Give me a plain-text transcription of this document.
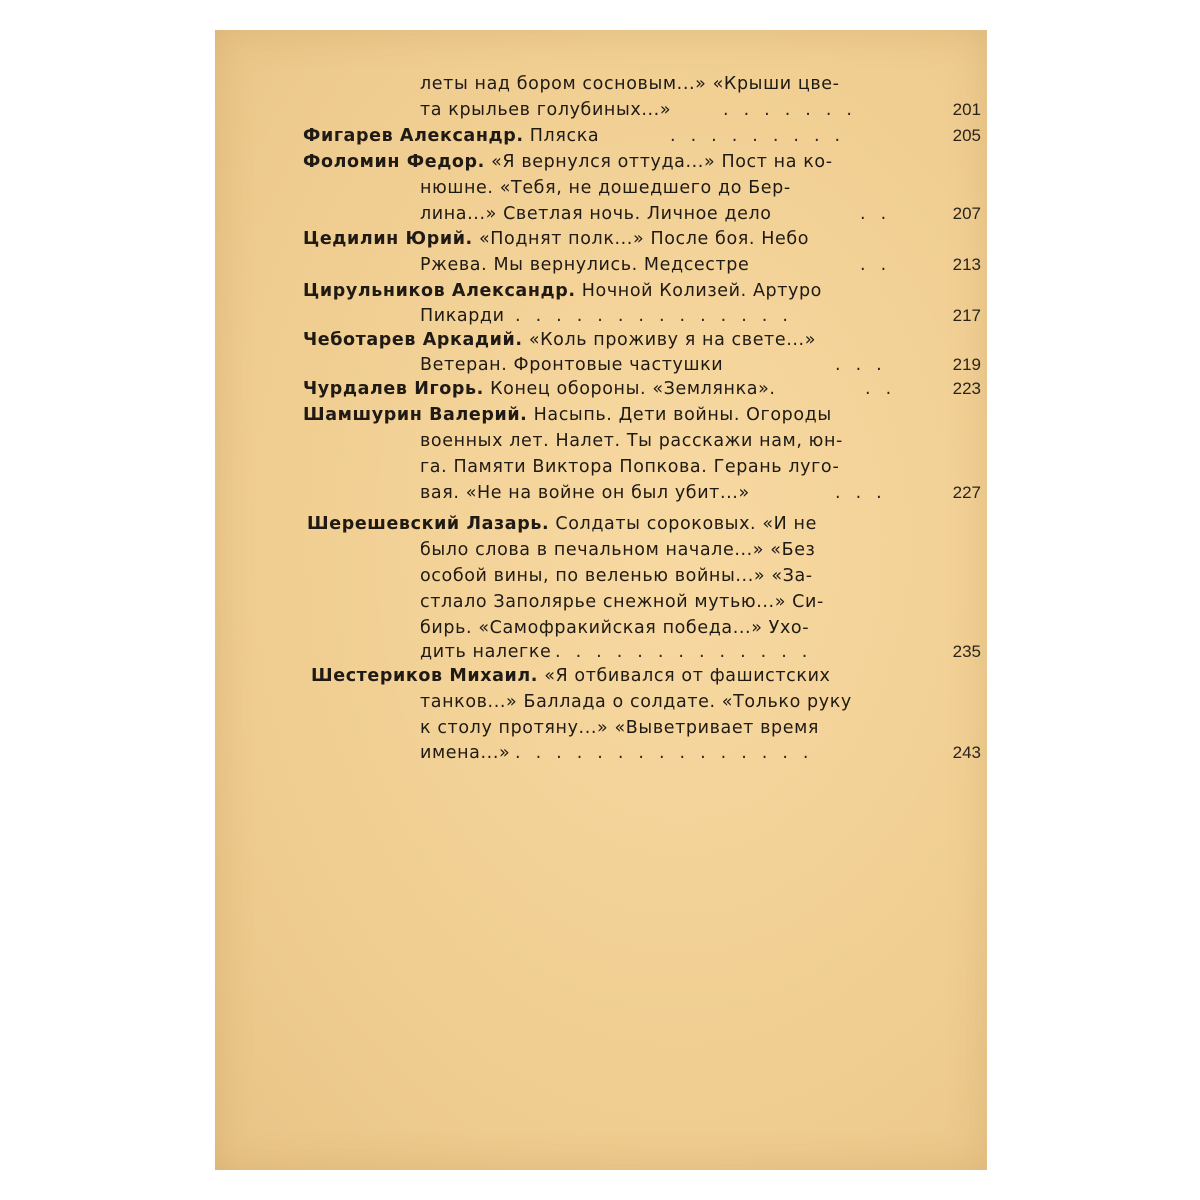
леты над бором сосновым...» «Крыши цве-
та крыльев голубиных...»	.......	201
Фигарев Александр. Пляска	.........	205
Фоломин Федор. «Я вернулся оттуда...» Пост на ко-
нюшне. «Тебя, не дошедшего до Бер-
лина...» Светлая ночь. Личное дело	..	207
Цедилин Юрий. «Поднят полк...» После боя. Небо
Ржева. Мы вернулись. Медсестре	..	213
Цирульников Александр. Ночной Колизей. Артуро
Пикарди ..............	217
Чеботарев Аркадий. «Коль проживу я на свете...»
Ветеран. Фронтовые частушки	...	219
Чурдалев Игорь. Конец обороны. «Землянка».	..	223
Шамшурин Валерий. Насыпь. Дети войны. Огороды
военных лет. Налет. Ты расскажи нам, юн-
га. Памяти Виктора Попкова. Герань лугo-
вая. «Не на войне он был убит...»	...	227
Шерешевский Лазарь. Солдаты сороковых. «И не
было слова в печальном начале...» «Без
особой вины, по веленью войны...» «За-
стлало Заполярье снежной мутью...» Си-
бирь. «Самофракийская победа...» Ухо-
дить налегке .............	235
Шестериков Михаил. «Я отбивался от фашистских
танков...» Баллада о солдате. «Только руку
к столу протяну...» «Выветривает время
имена...» ...............	243
